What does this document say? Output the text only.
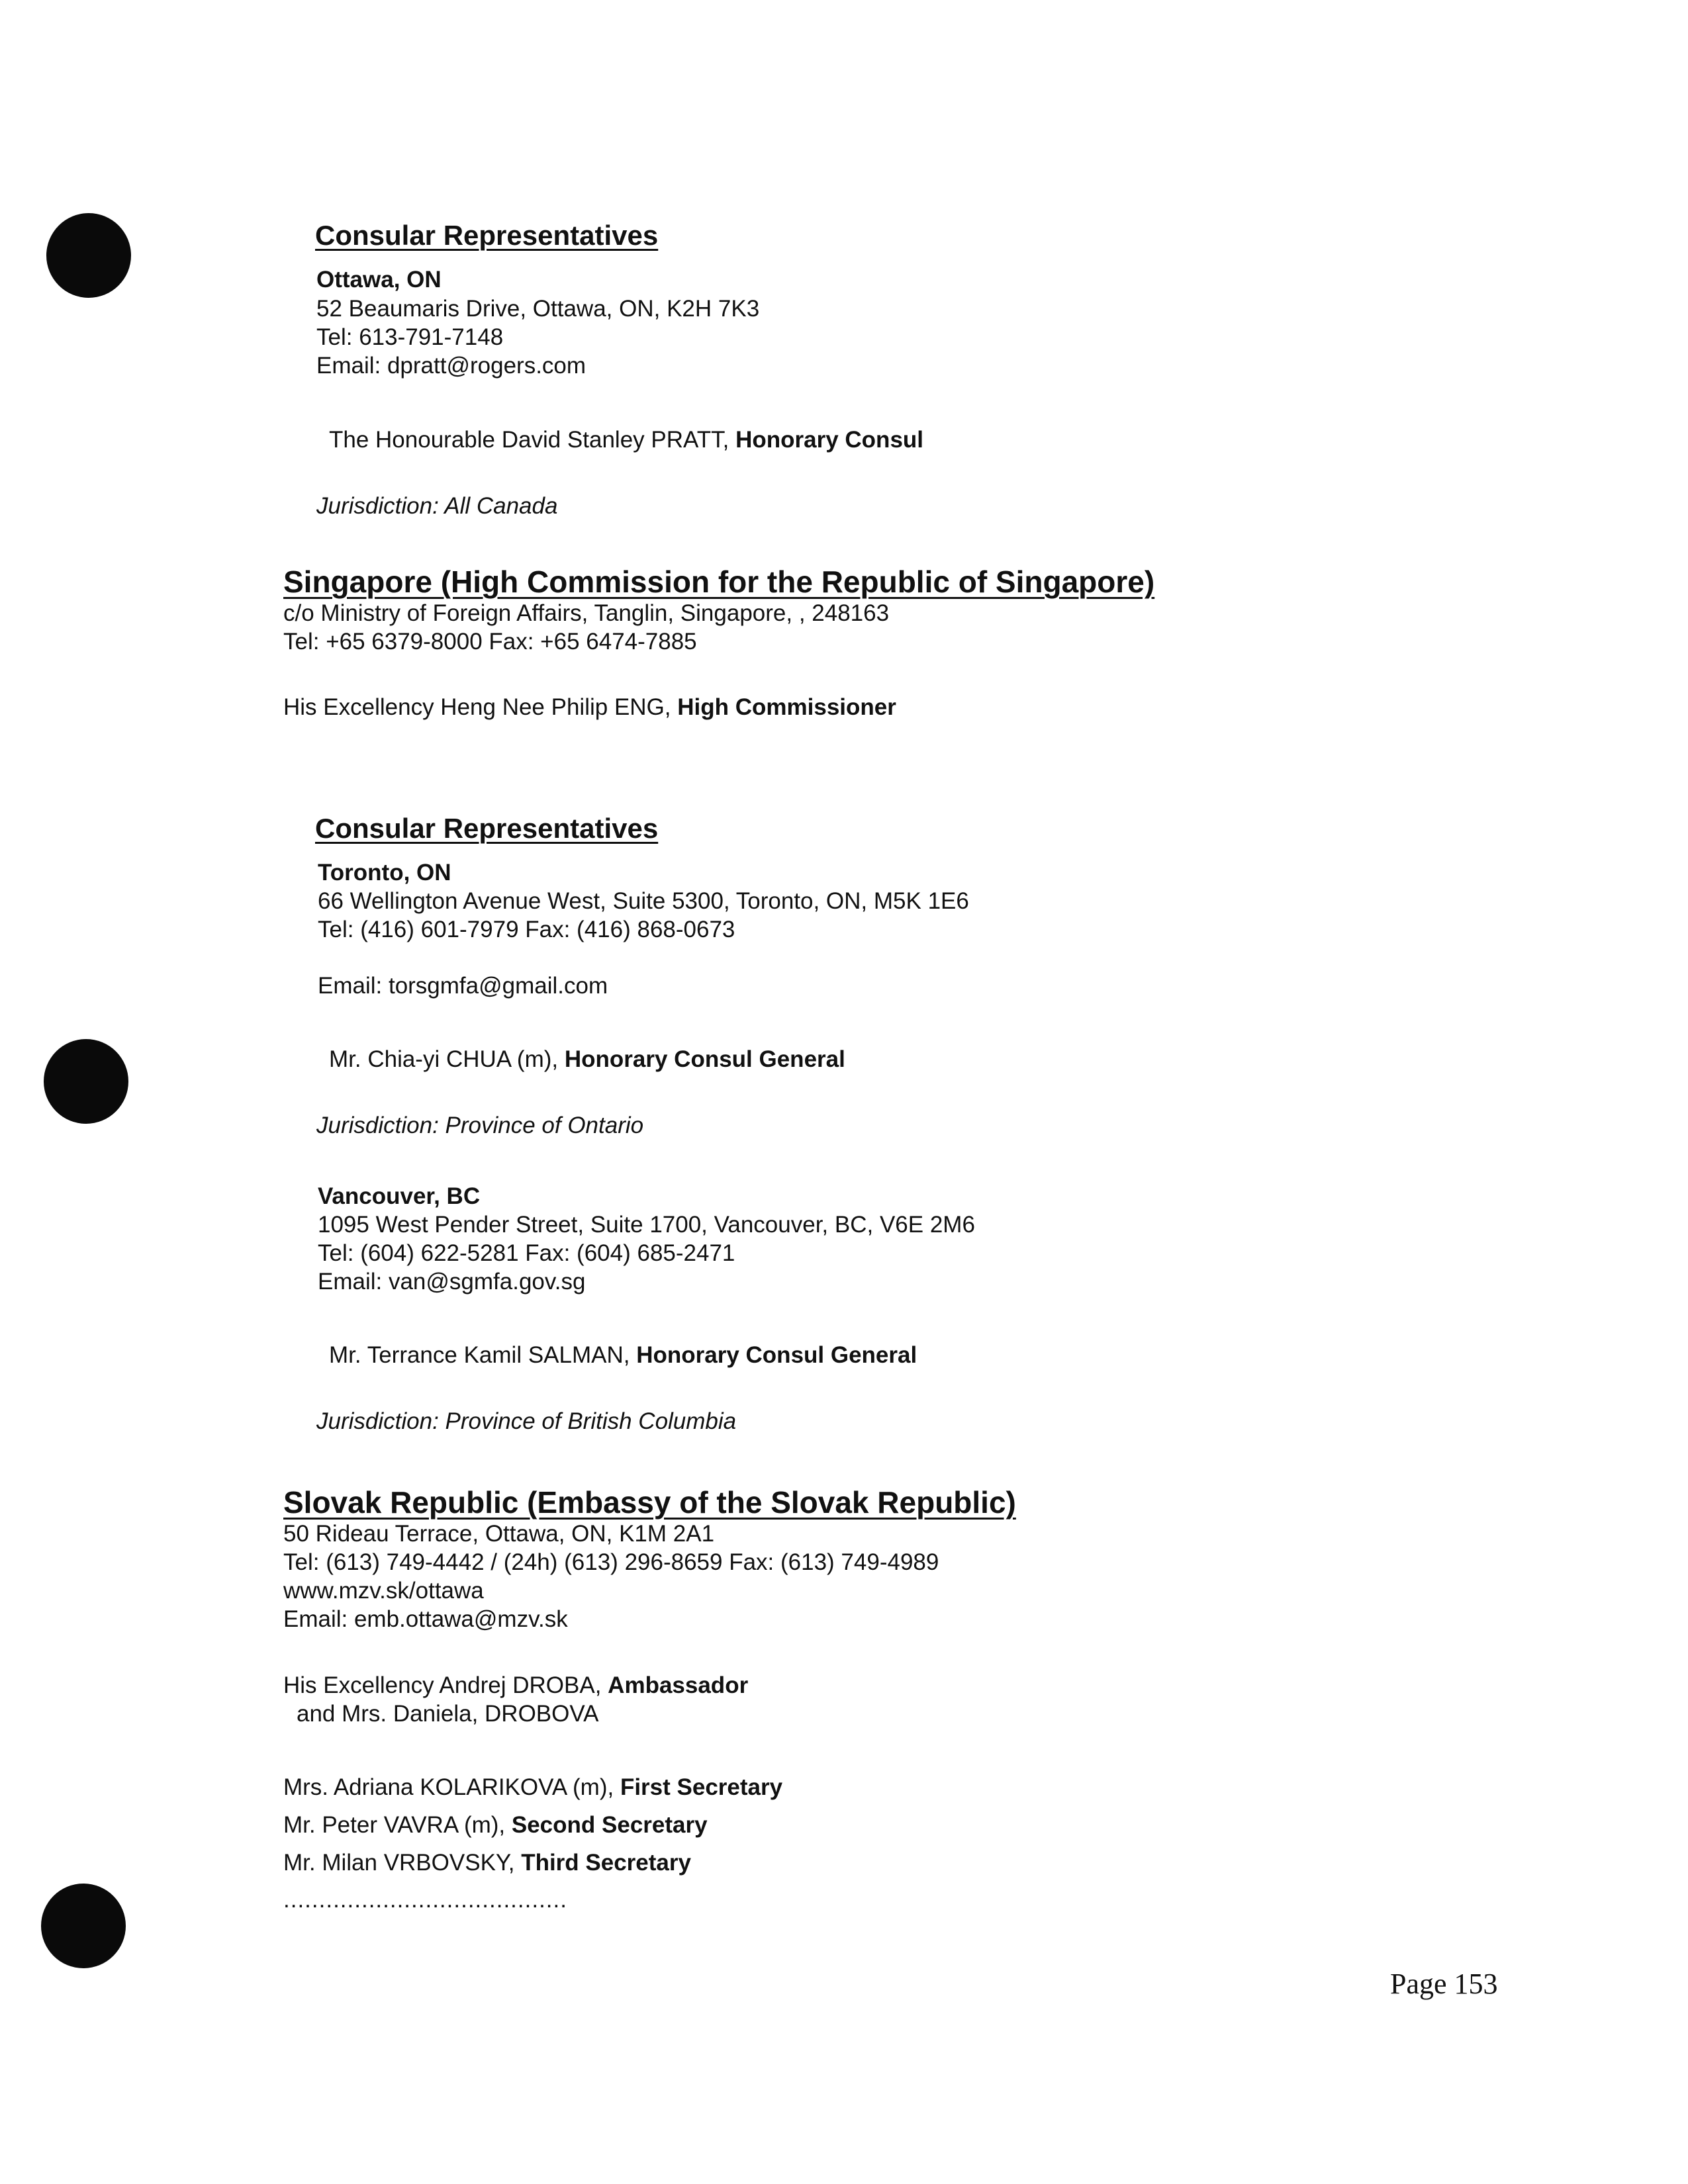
Consular Representatives
Ottawa, ON
52 Beaumaris Drive, Ottawa, ON, K2H 7K3
Tel: 613-791-7148
Email: dpratt@rogers.com
The Honourable David Stanley PRATT, Honorary Consul
Jurisdiction: All Canada
Singapore (High Commission for the Republic of Singapore)
c/o Ministry of Foreign Affairs, Tanglin, Singapore, , 248163
Tel: +65 6379-8000 Fax: +65 6474-7885
His Excellency Heng Nee Philip ENG, High Commissioner
Consular Representatives
Toronto, ON
66 Wellington Avenue West, Suite 5300, Toronto, ON, M5K 1E6
Tel: (416) 601-7979 Fax: (416) 868-0673
Email: torsgmfa@gmail.com
Mr. Chia-yi CHUA (m), Honorary Consul General
Jurisdiction: Province of Ontario
Vancouver, BC
1095 West Pender Street, Suite 1700, Vancouver, BC, V6E 2M6
Tel: (604) 622-5281 Fax: (604) 685-2471
Email: van@sgmfa.gov.sg
Mr. Terrance Kamil SALMAN, Honorary Consul General
Jurisdiction: Province of British Columbia
Slovak Republic (Embassy of the Slovak Republic)
50 Rideau Terrace, Ottawa, ON, K1M 2A1
Tel: (613) 749-4442 / (24h) (613) 296-8659 Fax: (613) 749-4989
www.mzv.sk/ottawa
Email: emb.ottawa@mzv.sk
His Excellency Andrej DROBA, Ambassador
and Mrs. Daniela, DROBOVA
Mrs. Adriana KOLARIKOVA (m), First Secretary
Mr. Peter VAVRA (m), Second Secretary
Mr. Milan VRBOVSKY, Third Secretary
........................................
Page 153
